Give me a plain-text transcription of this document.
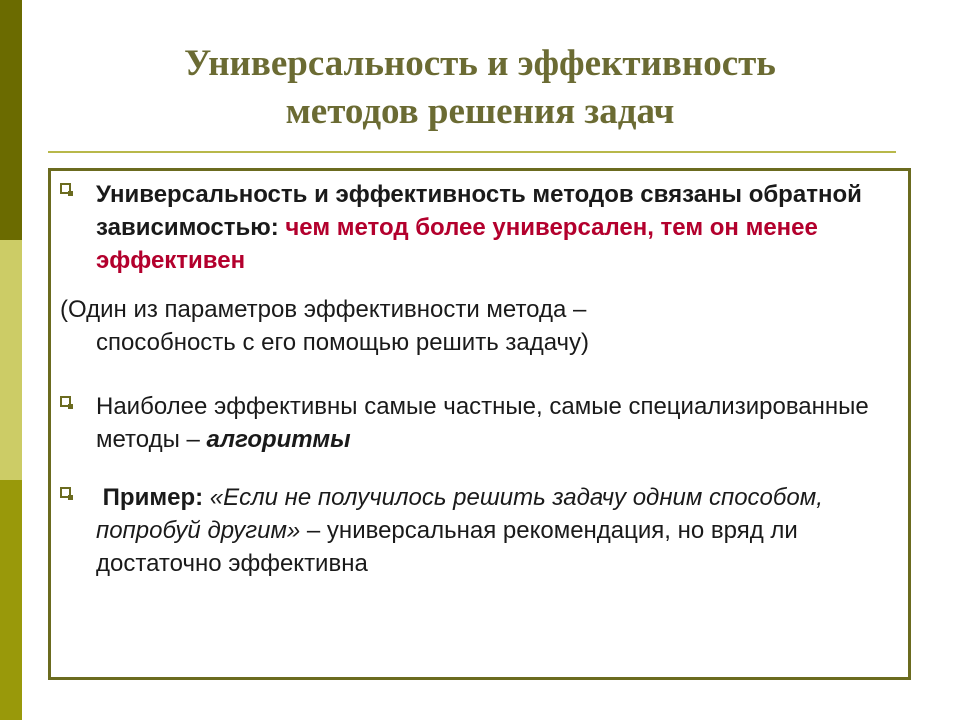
Универсальность и эффективность
методов решения задач
Универсальность и эффективность методов связаны обратной зависимостью: чем метод более универсален, тем он менее эффективен
(Один из параметров эффективности метода –
способность с его помощью решить задачу)
Наиболее эффективны самые частные, самые специализированные методы – алгоритмы
Пример: «Если не получилось решить задачу одним способом, попробуй другим» – универсальная рекомендация, но вряд ли достаточно эффективна
